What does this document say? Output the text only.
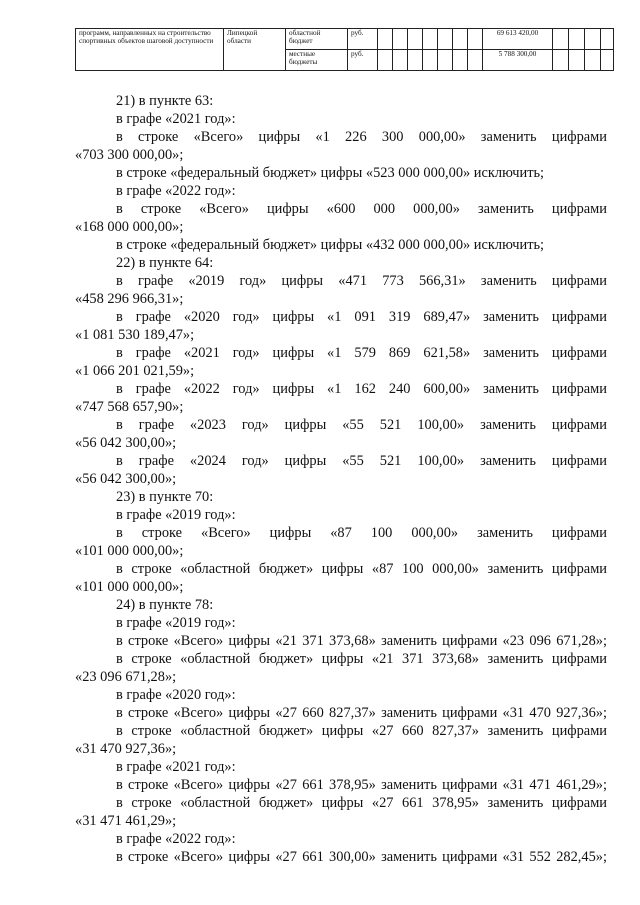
программ, направленных на строительство спортивных объектов шаговой доступности	Липецкой области	областной бюджет	руб.								69 613 420,00				
		местные бюджеты	руб.								5 788 300,00				
21) в пункте 63:
в графе «2021 год»:
в строке «Всего» цифры «1 226 300 000,00» заменить цифрами
«703 300 000,00»;
в строке «федеральный бюджет» цифры «523 000 000,00» исключить;
в графе «2022 год»:
в строке «Всего» цифры «600 000 000,00» заменить цифрами
«168 000 000,00»;
в строке «федеральный бюджет» цифры «432 000 000,00» исключить;
22) в пункте 64:
в графе «2019 год» цифры «471 773 566,31» заменить цифрами
«458 296 966,31»;
в графе «2020 год» цифры «1 091 319 689,47» заменить цифрами
«1 081 530 189,47»;
в графе «2021 год» цифры «1 579 869 621,58» заменить цифрами
«1 066 201 021,59»;
в графе «2022 год» цифры «1 162 240 600,00» заменить цифрами
«747 568 657,90»;
в графе «2023 год» цифры «55 521 100,00» заменить цифрами
«56 042 300,00»;
в графе «2024 год» цифры «55 521 100,00» заменить цифрами
«56 042 300,00»;
23) в пункте 70:
в графе «2019 год»:
в строке «Всего» цифры «87 100 000,00» заменить цифрами
«101 000 000,00»;
в строке «областной бюджет» цифры «87 100 000,00» заменить цифрами
«101 000 000,00»;
24) в пункте 78:
в графе «2019 год»:
в строке «Всего» цифры «21 371 373,68» заменить цифрами «23 096 671,28»;
в строке «областной бюджет» цифры «21 371 373,68» заменить цифрами
«23 096 671,28»;
в графе «2020 год»:
в строке «Всего» цифры «27 660 827,37» заменить цифрами «31 470 927,36»;
в строке «областной бюджет» цифры «27 660 827,37» заменить цифрами
«31 470 927,36»;
в графе «2021 год»:
в строке «Всего» цифры «27 661 378,95» заменить цифрами «31 471 461,29»;
в строке «областной бюджет» цифры «27 661 378,95» заменить цифрами
«31 471 461,29»;
в графе «2022 год»:
в строке «Всего» цифры «27 661 300,00» заменить цифрами «31 552 282,45»;
